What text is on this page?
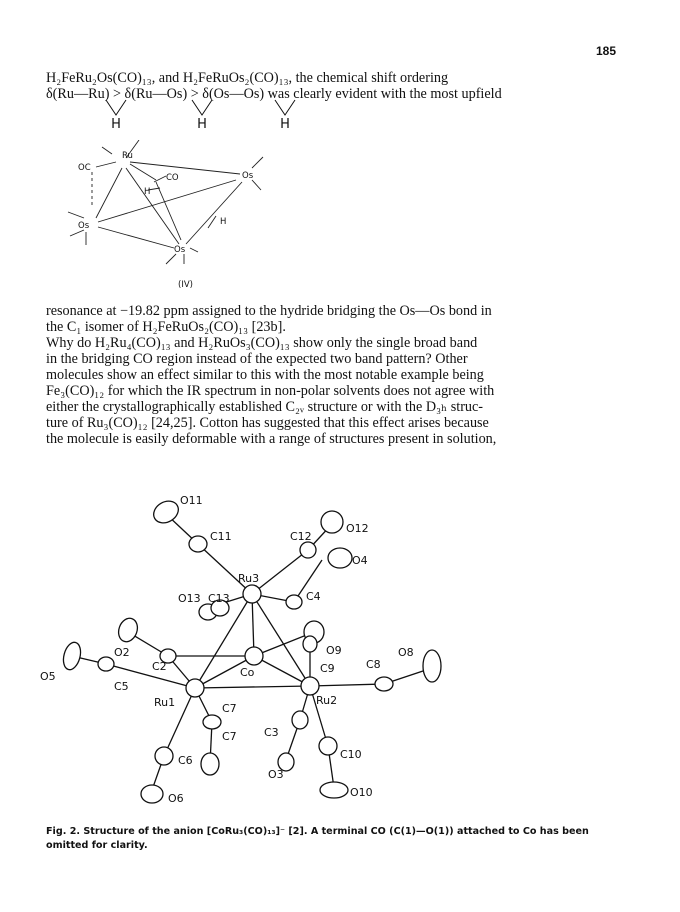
185
H₂FeRu₂Os(CO)₁₃, and H₂FeRuOs₂(CO)₁₃, the chemical shift ordering
δ(Ru—Ru) > δ(Ru—Os) > δ(Os—Os) was clearly evident with the most upfield
H	H	H
Ru
Os
Os
Os
OC
CO
H
H
(IV)
resonance at −19.82 ppm assigned to the hydride bridging the Os—Os bond in
the C₁ isomer of H₂FeRuOs₂(CO)₁₃ [23b].
Why do H₂Ru₄(CO)₁₃ and H₂RuOs₃(CO)₁₃ show only the single broad band
in the bridging CO region instead of the expected two band pattern? Other
molecules show an effect similar to this with the most notable example being
Fe₃(CO)₁₂ for which the IR spectrum in non-polar solvents does not agree with
either the crystallographically established C₂ᵥ structure or with the D₃ₕ struc-
ture of Ru₃(CO)₁₂ [24,25]. Cotton has suggested that this effect arises because
the molecule is easily deformable with a range of structures present in solution,
O11
C11	C12
O12
O4
Ru3
O13 C13	C4
O2	O9	O8
C8
C2	Co	C9
O5
C5
Ru1	Ru2
C7
C7 C3
C6
O3
C10
O10
O6
Fig. 2. Structure of the anion [CoRu₃(CO)₁₃]⁻ [2]. A terminal CO (C(1)—O(1)) attached to Co has been
omitted for clarity.
